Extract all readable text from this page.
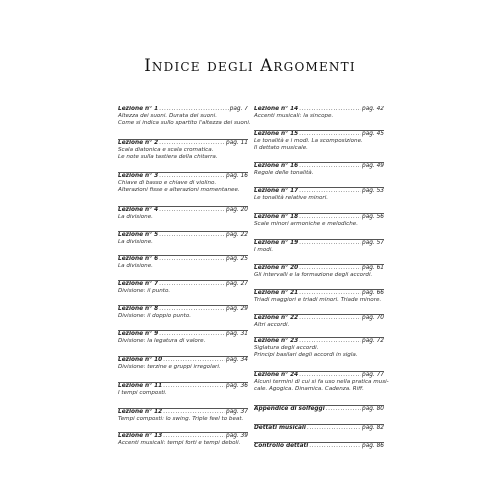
Indice degli Argomenti
Lezione n° 1 .....	pag. 7
Altezza dei suoni. Durata dei suoni.
Come si indica sullo spartito l'altezza dei suoni.
Lezione n° 2 .....	pag. 11
Scala diatonica e scala cromatica.
Le note sulla tastiera della chitarra.
Lezione n° 3 .....	pag. 16
Chiave di basso e chiave di violino.
Alterazioni fisse e alterazioni momentanee.
Lezione n° 4 .....	pag. 20
La divisione.
Lezione n° 5 .....	pag. 22
La divisione.
Lezione n° 6 .....	pag. 25
La divisione.
Lezione n° 7 .....	pag. 27
Divisione: il punto.
Lezione n° 8 .....	pag. 29
Divisione: il doppio punto.
Lezione n° 9 .....	pag. 31
Divisione: la legatura di valore.
Lezione n° 10 .....	pag. 34
Divisione: terzine e gruppi irregolari.
Lezione n° 11 .....	pag. 36
I tempi composti.
Lezione n° 12 .....	pag. 37
Tempi composti: lo swing. Triple feel to beat.
Lezione n° 13 .....	pag. 39
Accenti musicali: tempi forti e tempi deboli.
Lezione n° 14 .....	pag. 42
Accenti musicali: la sincope.
Lezione n° 15 .....	pag. 45
Le tonalità e i modi. La scomposizione.
Il dettato musicale.
Lezione n° 16 .....	pag. 49
Regole delle tonalità.
Lezione n° 17 .....	pag. 53
Le tonalità relative minori.
Lezione n° 18 .....	pag. 56
Scale minori armoniche e melodiche.
Lezione n° 19 .....	pag. 57
I modi.
Lezione n° 20 .....	pag. 61
Gli intervalli e la formazione degli accordi.
Lezione n° 21 .....	pag. 66
Triadi maggiori e triadi minori. Triade minore.
Lezione n° 22 .....	pag. 70
Altri accordi.
Lezione n° 23 .....	pag. 72
Siglatura degli accordi.
Principi basilari degli accordi in sigla.
Lezione n° 24 .....	pag. 77
Alcuni termini di cui si fa uso nella pratica musi-
cale. Agogica. Dinamica. Cadenza. Riff.
Appendice di solfeggi .....	pag. 80
Dettati musicali .....	pag. 82
Controllo dettati .....	pag. 86
